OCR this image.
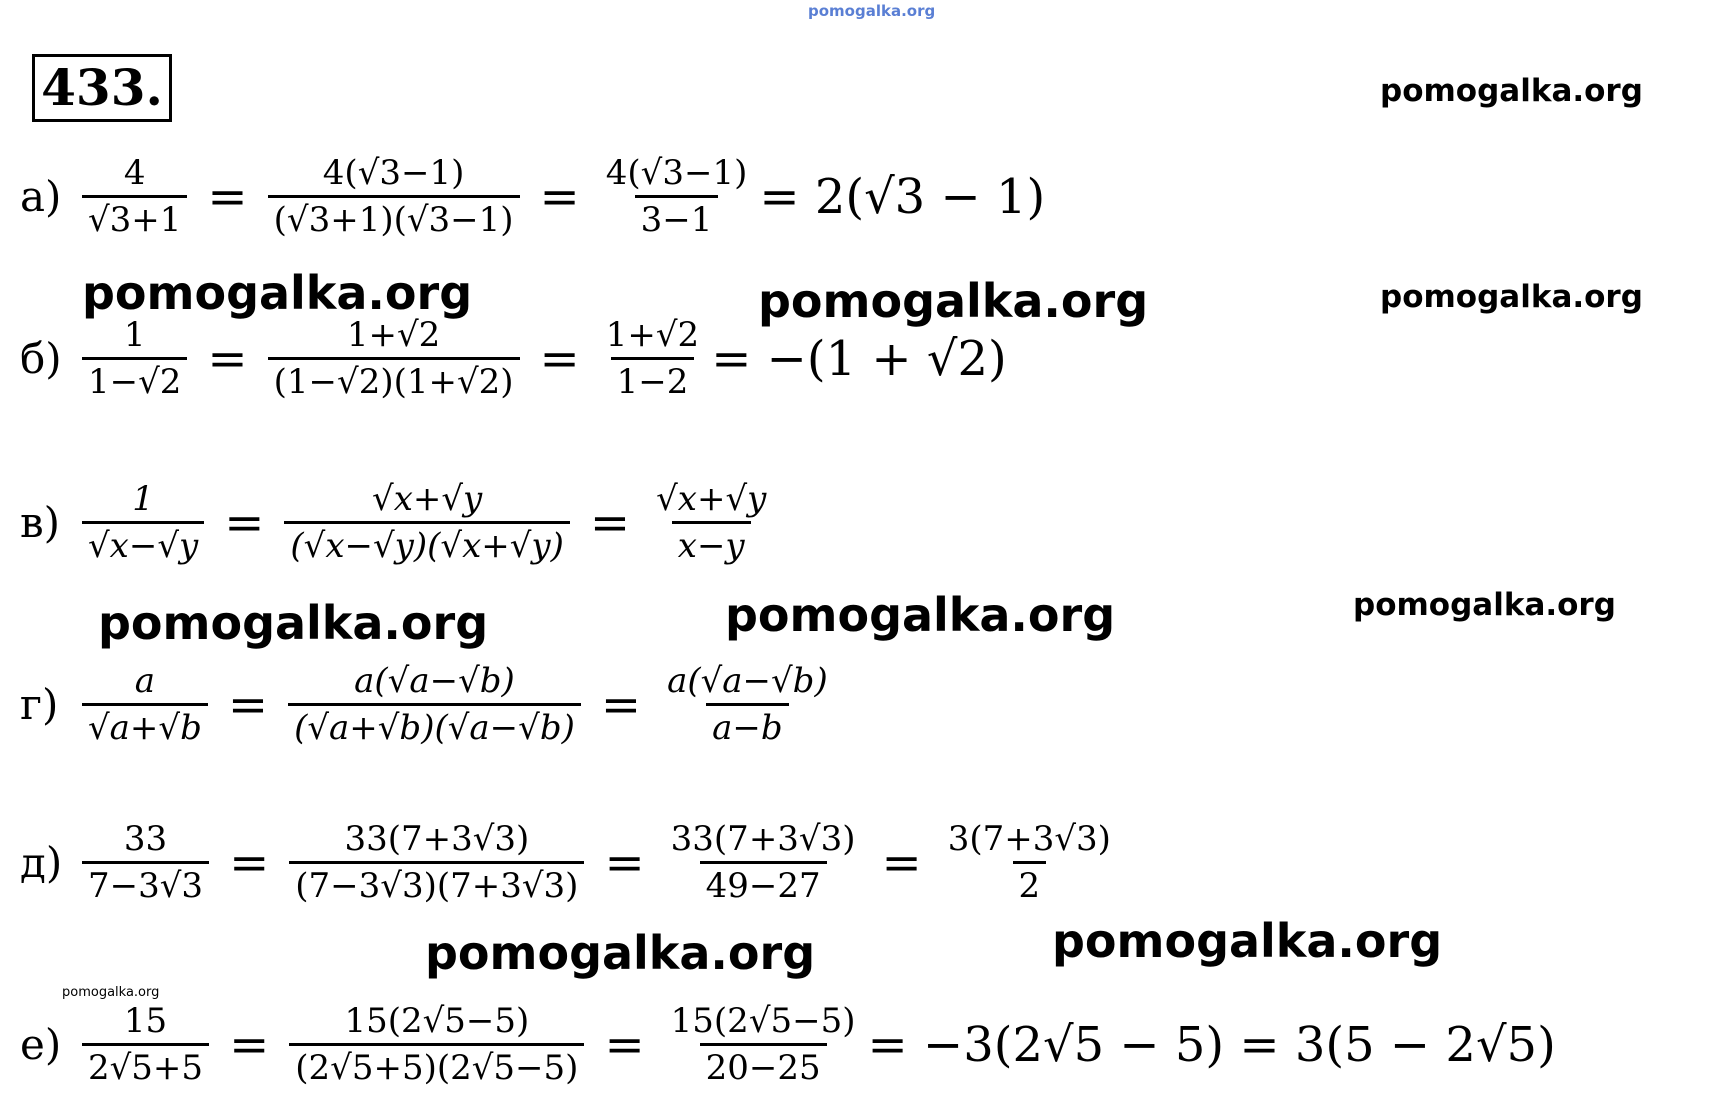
pomogalka.org
433.	pomogalka.org
$а) \frac{4}{√3+1} = \frac{4(√3-1)}{(√3+1)(√3-1)} = \frac{4(√3-1)}{3-1} = 2(√3 - 1)$
pomogalka.org	pomogalka.org	pomogalka.org
$б) \frac{1}{1-√2} = \frac{1+√2}{(1-√2)(1+√2)} = \frac{1+√2}{1-2} = -(1 + √2)$
$в) \frac{1}{√x-√y} = \frac{√x+√y}{(√x-√y)(√x+√y)} = \frac{√x+√y}{x-y}$
pomogalka.org	pomogalka.org	pomogalka.org
$г) \frac{a}{√a+√b} = \frac{a(√a-√b)}{(√a+√b)(√a-√b)} = \frac{a(√a-√b)}{a-b}$
$д) \frac{33}{7-3√3} = \frac{33(7+3√3)}{(7-3√3)(7+3√3)} = \frac{33(7+3√3)}{49-27} = \frac{3(7+3√3)}{2}$
pomogalka.org	pomogalka.org
pomogalka.org
$е) \frac{15}{2√5+5} = \frac{15(2√5-5)}{(2√5+5)(2√5-5)} = \frac{15(2√5-5)}{20-25} = -3(2√5 - 5) = 3(5 - 2√5)$
